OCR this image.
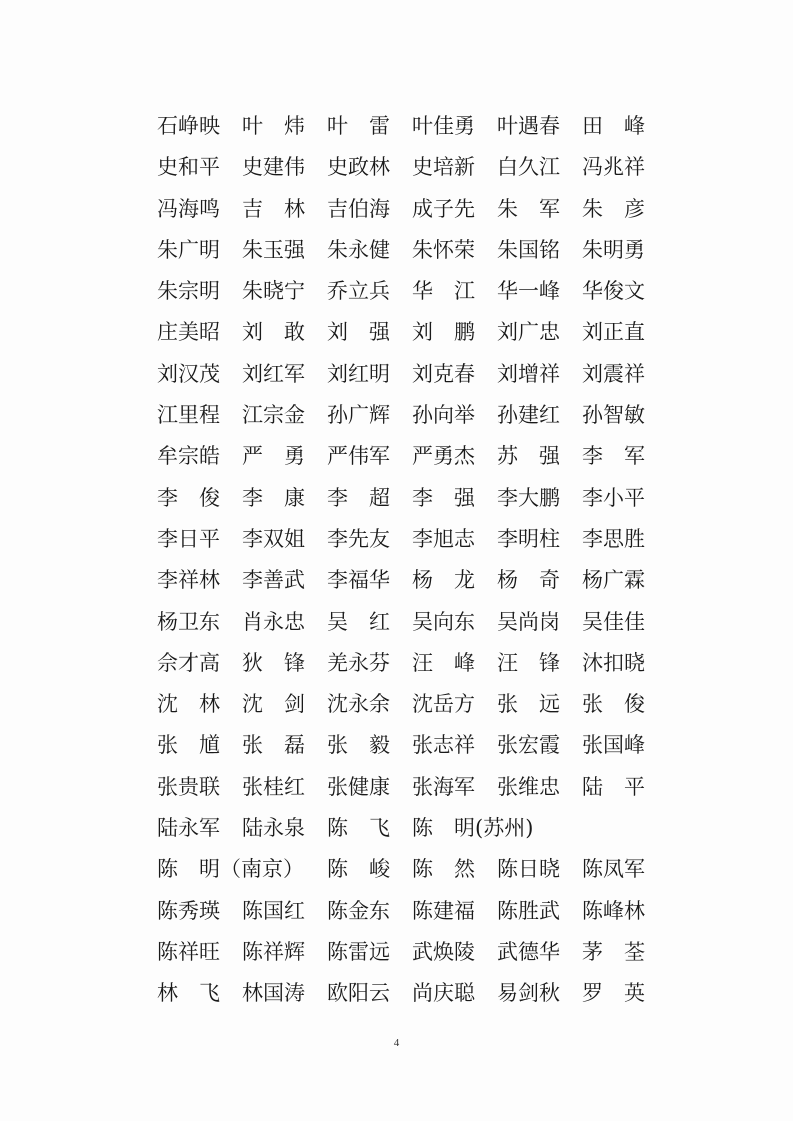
石峥映 叶　炜 叶　雷 叶佳勇 叶遇春 田　峰
史和平 史建伟 史政林 史培新 白久江 冯兆祥
冯海鸣 吉　林 吉伯海 成子先 朱　军 朱　彦
朱广明 朱玉强 朱永健 朱怀荣 朱国铭 朱明勇
朱宗明 朱晓宁 乔立兵 华　江 华一峰 华俊文
庄美昭 刘　敢 刘　强 刘　鹏 刘广忠 刘正直
刘汉茂 刘红军 刘红明 刘克春 刘增祥 刘震祥
江里程 江宗金 孙广辉 孙向举 孙建红 孙智敏
牟宗皓 严　勇 严伟军 严勇杰 苏　强 李　军
李　俊 李　康 李　超 李　强 李大鹏 李小平
李日平 李双姐 李先友 李旭志 李明柱 李思胜
李祥林 李善武 李福华 杨　龙 杨　奇 杨广霖
杨卫东 肖永忠 吴　红 吴向东 吴尚岗 吴佳佳
佘才高 狄　锋 羌永芬 汪　峰 汪　锋 沐扣晓
沈　林 沈　剑 沈永余 沈岳方 张　远 张　俊
张　馗 张　磊 张　毅 张志祥 张宏霞 张国峰
张贵联 张桂红 张健康 张海军 张维忠 陆　平
陆永军 陆永泉 陈　飞 陈　明(苏州)
陈　明（南京） 陈　峻 陈　然 陈日晓 陈凤军
陈秀瑛 陈国红 陈金东 陈建福 陈胜武 陈峰林
陈祥旺 陈祥辉 陈雷远 武焕陵 武德华 茅　荃
林　飞 林国涛 欧阳云 尚庆聪 易剑秋 罗　英
4
